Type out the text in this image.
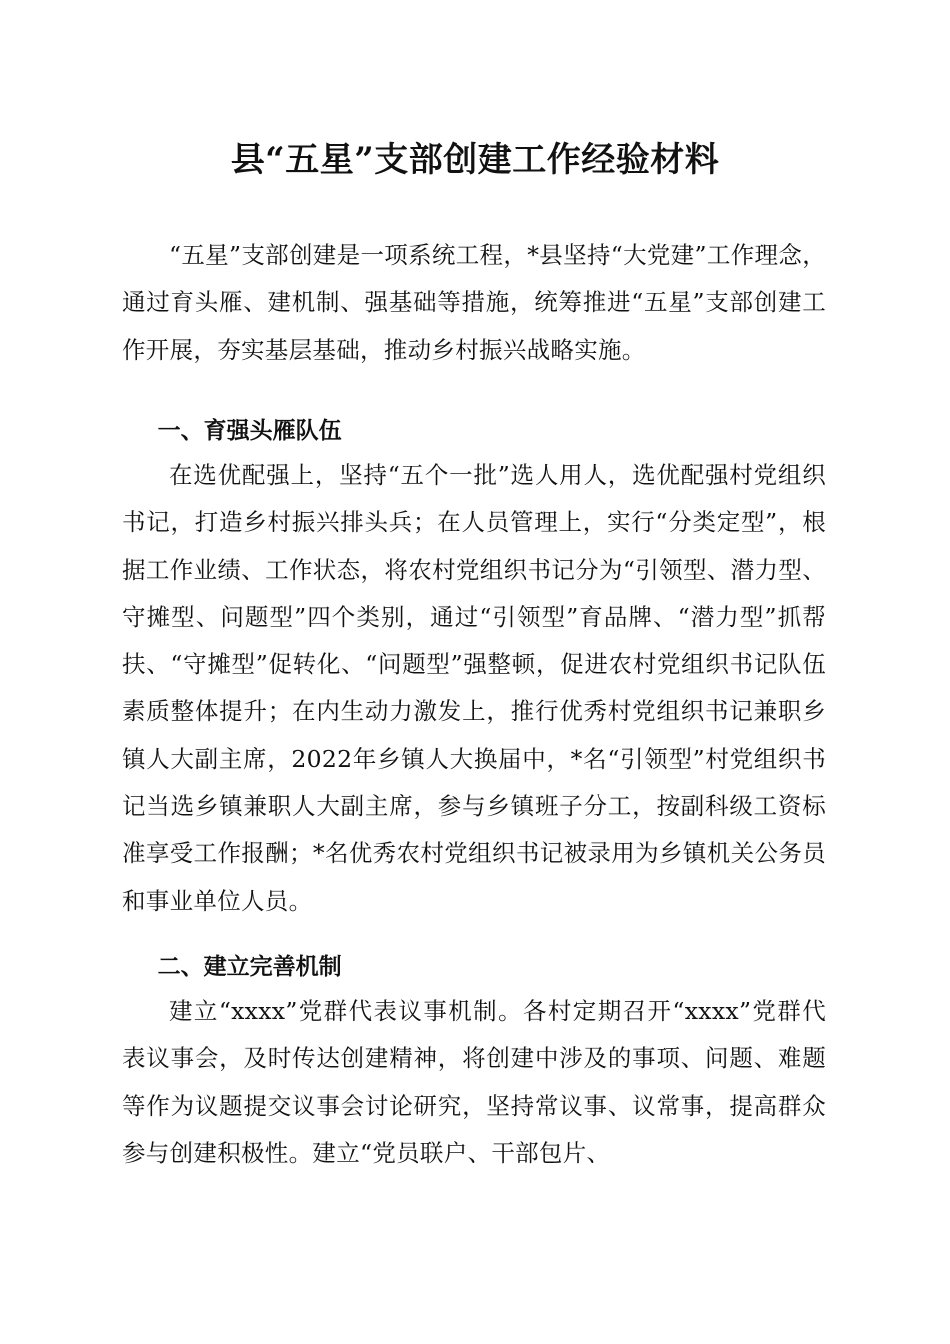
县“五星”支部创建工作经验材料

“五星”支部创建是一项系统工程，*县坚持“大党建”工作理念，通过育头雁、建机制、强基础等措施，统筹推进“五星”支部创建工作开展，夯实基层基础，推动乡村振兴战略实施。

一、育强头雁队伍

在选优配强上，坚持“五个一批”选人用人，选优配强村党组织书记，打造乡村振兴排头兵；在人员管理上，实行“分类定型”，根据工作业绩、工作状态，将农村党组织书记分为“引领型、潜力型、守摊型、问题型”四个类别，通过“引领型”育品牌、“潜力型”抓帮扶、“守摊型”促转化、“问题型”强整顿，促进农村党组织书记队伍素质整体提升；在内生动力激发上，推行优秀村党组织书记兼职乡镇人大副主席，2022年乡镇人大换届中，*名“引领型”村党组织书记当选乡镇兼职人大副主席，参与乡镇班子分工，按副科级工资标准享受工作报酬；*名优秀农村党组织书记被录用为乡镇机关公务员和事业单位人员。

二、建立完善机制

建立“xxxx”党群代表议事机制。各村定期召开“xxxx”党群代表议事会，及时传达创建精神，将创建中涉及的事项、问题、难题等作为议题提交议事会讨论研究，坚持常议事、议常事，提高群众参与创建积极性。建立“党员联户、干部包片、
